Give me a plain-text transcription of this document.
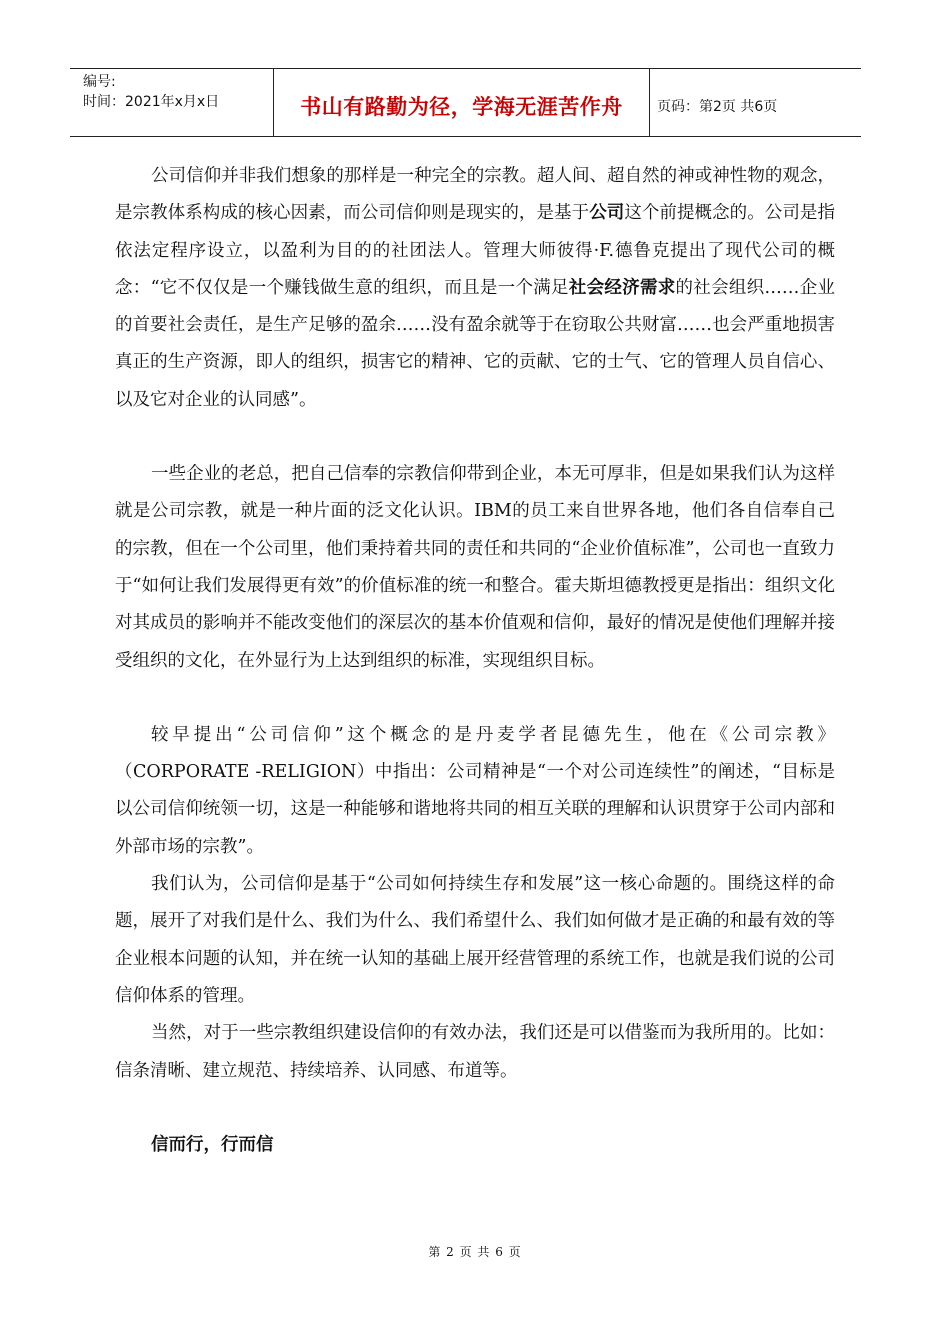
编号:
时间：2021年x月x日	书山有路勤为径，学海无涯苦作舟	页码：第2页 共6页

公司信仰并非我们想象的那样是一种完全的宗教。超人间、超自然的神或神性物的观念，是宗教体系构成的核心因素，而公司信仰则是现实的，是基于公司这个前提概念的。公司是指依法定程序设立，以盈利为目的的社团法人。管理大师彼得·F.德鲁克提出了现代公司的概念：“它不仅仅是一个赚钱做生意的组织，而且是一个满足社会经济需求的社会组织……企业的首要社会责任，是生产足够的盈余……没有盈余就等于在窃取公共财富……也会严重地损害真正的生产资源，即人的组织，损害它的精神、它的贡献、它的士气、它的管理人员自信心、以及它对企业的认同感”。

一些企业的老总，把自己信奉的宗教信仰带到企业，本无可厚非，但是如果我们认为这样就是公司宗教，就是一种片面的泛文化认识。IBM的员工来自世界各地，他们各自信奉自己的宗教，但在一个公司里，他们秉持着共同的责任和共同的“企业价值标准”，公司也一直致力于“如何让我们发展得更有效”的价值标准的统一和整合。霍夫斯坦德教授更是指出：组织文化对其成员的影响并不能改变他们的深层次的基本价值观和信仰，最好的情况是使他们理解并接受组织的文化，在外显行为上达到组织的标准，实现组织目标。

较早提出“公司信仰”这个概念的是丹麦学者昆德先生，他在《公司宗教》（CORPORATE -RELIGION）中指出：公司精神是“一个对公司连续性”的阐述，“目标是以公司信仰统领一切，这是一种能够和谐地将共同的相互关联的理解和认识贯穿于公司内部和外部市场的宗教”。

我们认为，公司信仰是基于“公司如何持续生存和发展”这一核心命题的。围绕这样的命题，展开了对我们是什么、我们为什么、我们希望什么、我们如何做才是正确的和最有效的等企业根本问题的认知，并在统一认知的基础上展开经营管理的系统工作，也就是我们说的公司信仰体系的管理。

当然，对于一些宗教组织建设信仰的有效办法，我们还是可以借鉴而为我所用的。比如：信条清晰、建立规范、持续培养、认同感、布道等。

信而行，行而信

第 2 页 共 6 页
